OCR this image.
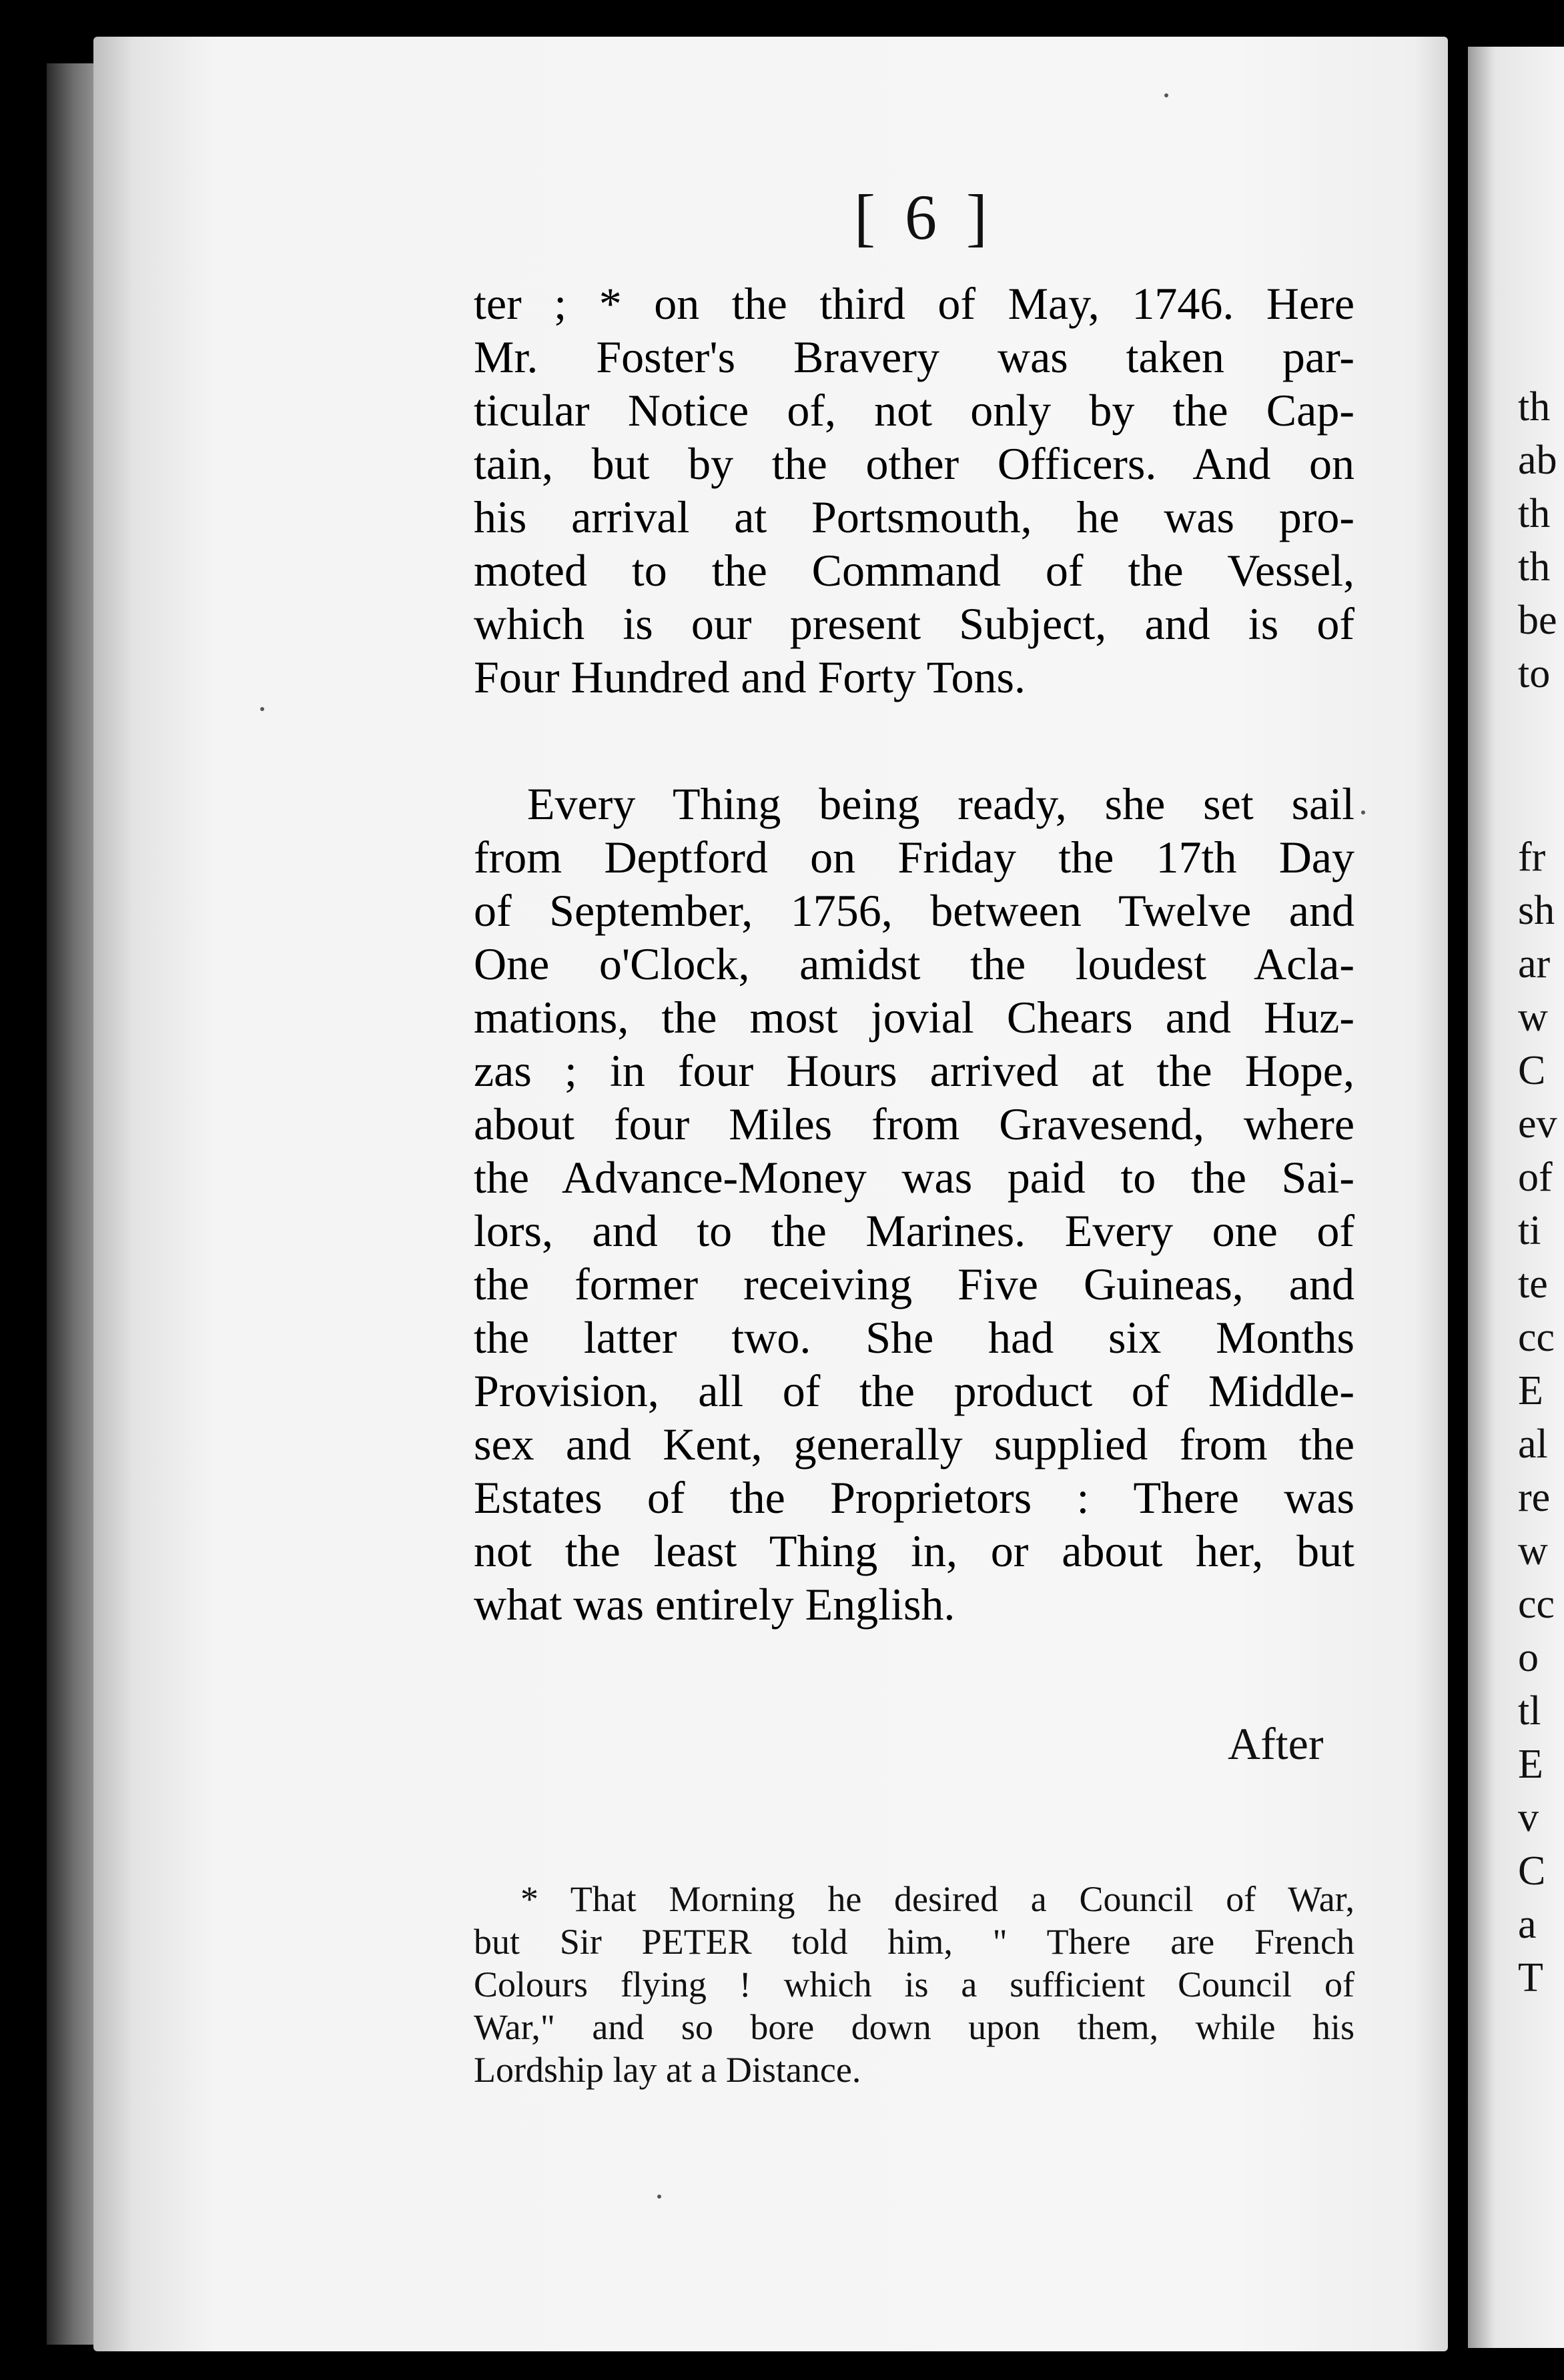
[ 6 ]
ter ; * on the third of May, 1746. Here
Mr. Foster's Bravery was taken par-
ticular Notice of, not only by the Cap-
tain, but by the other Officers. And on
his arrival at Portsmouth, he was pro-
moted to the Command of the Vessel,
which is our present Subject, and is of
Four Hundred and Forty Tons.
Every Thing being ready, she set sail
from Deptford on Friday the 17th Day
of September, 1756, between Twelve and
One o'Clock, amidst the loudest Acla-
mations, the most jovial Chears and Huz-
zas ; in four Hours arrived at the Hope,
about four Miles from Gravesend, where
the Advance-Money was paid to the Sai-
lors, and to the Marines. Every one of
the former receiving Five Guineas, and
the latter two. She had six Months
Provision, all of the product of Middle-
sex and Kent, generally supplied from the
Estates of the Proprietors : There was
not the least Thing in, or about her, but
what was entirely English.
After
* That Morning he desired a Council of War,
but Sir PETER told him, " There are French
Colours flying ! which is a sufficient Council of
War," and so bore down upon them, while his
Lordship lay at a Distance.
th
ab
th
th
be
to
fr
sh
ar
w
C
ev
of
ti
te
cc
E
al
re
w
cc
o
tl
E
v
C
a
T
